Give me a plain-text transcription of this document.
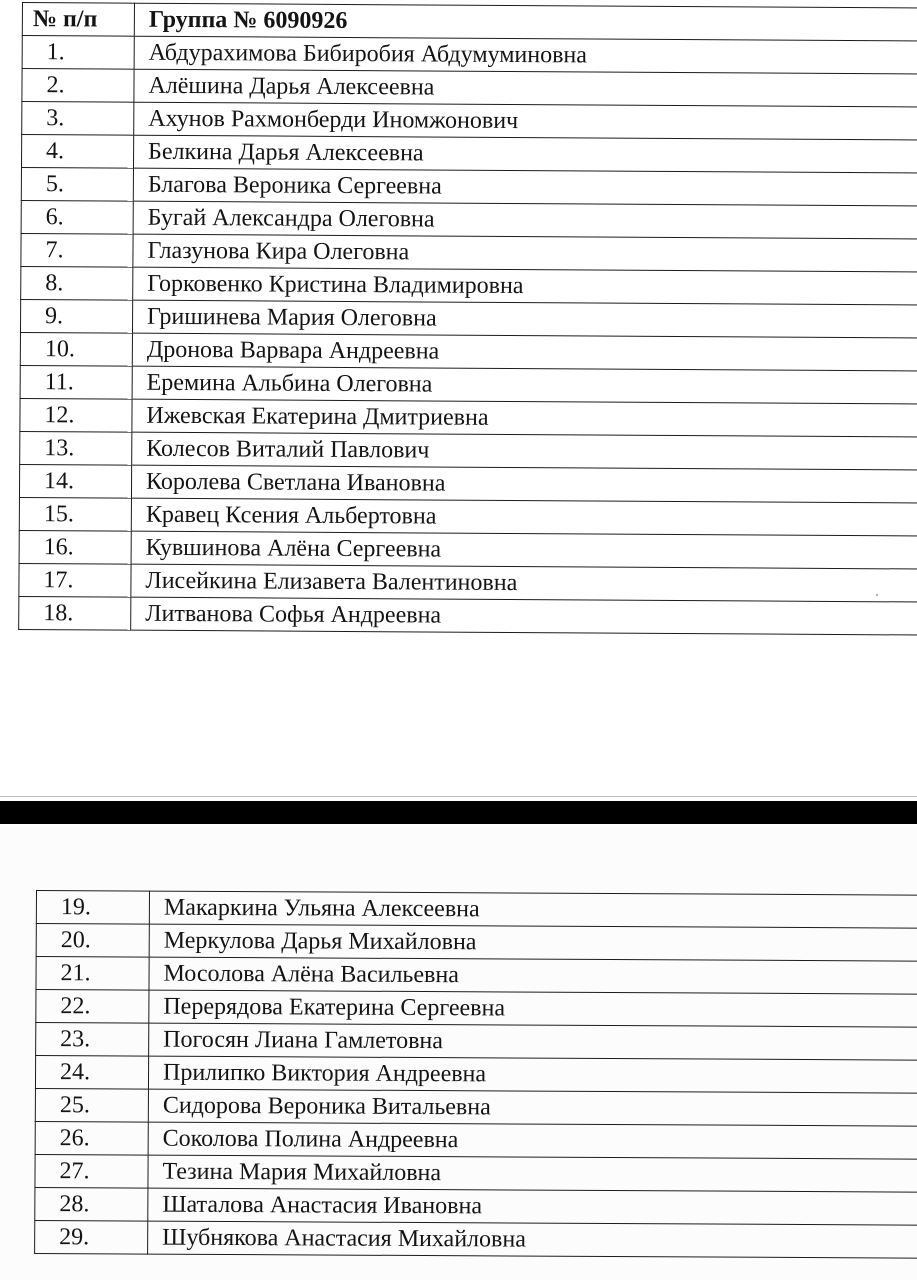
№ п/п	Группа № 6090926
1.	Абдурахимова Бибиробия Абдумуминовна
2.	Алёшина Дарья Алексеевна
3.	Ахунов Рахмонберди Иномжонович
4.	Белкина Дарья Алексеевна
5.	Благова Вероника Сергеевна
6.	Бугай Александра Олеговна
7.	Глазунова Кира Олеговна
8.	Горковенко Кристина Владимировна
9.	Гришинева Мария Олеговна
10.	Дронова Варвара Андреевна
11.	Еремина Альбина Олеговна
12.	Ижевская Екатерина Дмитриевна
13.	Колесов Виталий Павлович
14.	Королева Светлана Ивановна
15.	Кравец Ксения Альбертовна
16.	Кувшинова Алёна Сергеевна
17.	Лисейкина Елизавета Валентиновна
18.	Литванова Софья Андреевна
19.	Макаркина Ульяна Алексеевна
20.	Меркулова Дарья Михайловна
21.	Мосолова Алёна Васильевна
22.	Перерядова Екатерина Сергеевна
23.	Погосян Лиана Гамлетовна
24.	Прилипко Виктория Андреевна
25.	Сидорова Вероника Витальевна
26.	Соколова Полина Андреевна
27.	Тезина Мария Михайловна
28.	Шаталова Анастасия Ивановна
29.	Шубнякова Анастасия Михайловна
